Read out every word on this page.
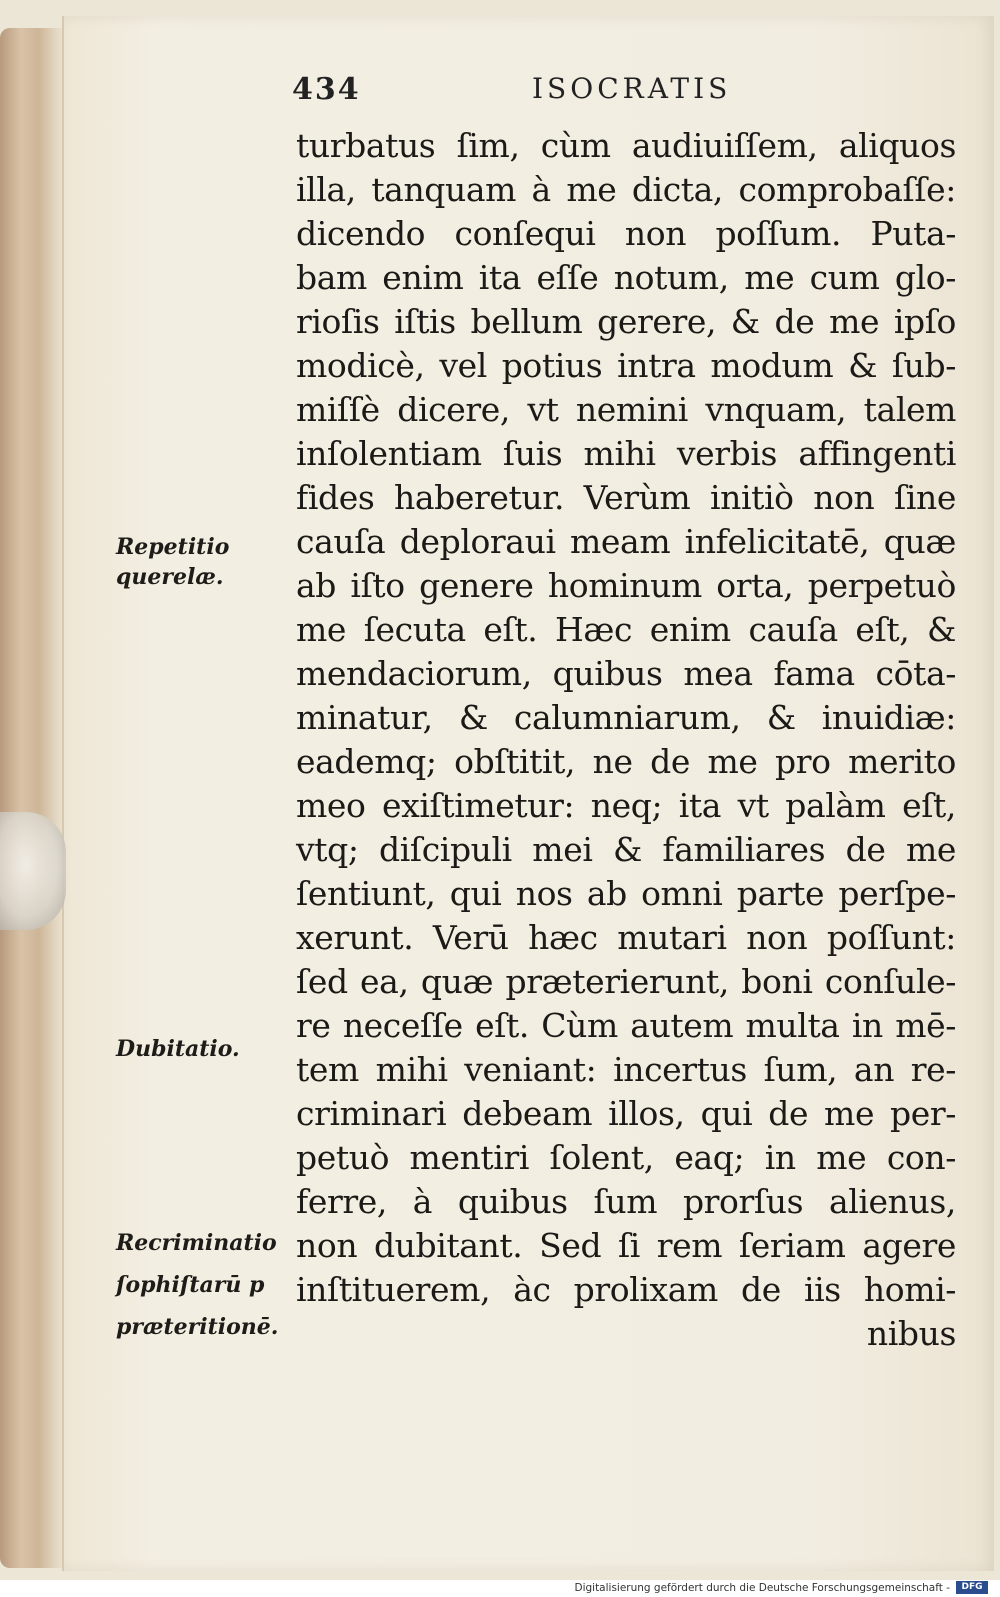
434	ISOCRATIS
turbatus ſim, cùm audiuiſſem, aliquos
illa, tanquam à me dicta, comprobaſſe:
dicendo conſequi non poſſum. Puta-
bam enim ita eſſe notum, me cum glo-
rioſis iſtis bellum gerere, & de me ipſo
modicè, vel potius intra modum & ſub-
miſſè dicere, vt nemini vnquam, talem
inſolentiam ſuis mihi verbis affingenti
fides haberetur. Verùm initiò non ſine
cauſa deploraui meam infelicitatē, quæ
ab iſto genere hominum orta, perpetuò
me ſecuta eſt. Hæc enim cauſa eſt, &
mendaciorum, quibus mea fama cōta-
minatur, & calumniarum, & inuidiæ:
eademq; obſtitit, ne de me pro merito
meo exiſtimetur: neq; ita vt palàm eſt,
vtq; diſcipuli mei & familiares de me
ſentiunt, qui nos ab omni parte perſpe-
xerunt. Verū hæc mutari non poſſunt:
ſed ea, quæ præterierunt, boni conſule-
re neceſſe eſt. Cùm autem multa in mē-
tem mihi veniant: incertus ſum, an re-
criminari debeam illos, qui de me per-
petuò mentiri ſolent, eaq; in me con-
ferre, à quibus ſum prorſus alienus,
non dubitant. Sed ſi rem ſeriam agere
inſtituerem, àc prolixam de iis homi-
nibus
Repetitio querelæ.
Dubitatio.
Recriminatio ſophiſtarū p præteritionē.
Digitalisierung gefördert durch die Deutsche Forschungsgemeinschaft -	DFG
